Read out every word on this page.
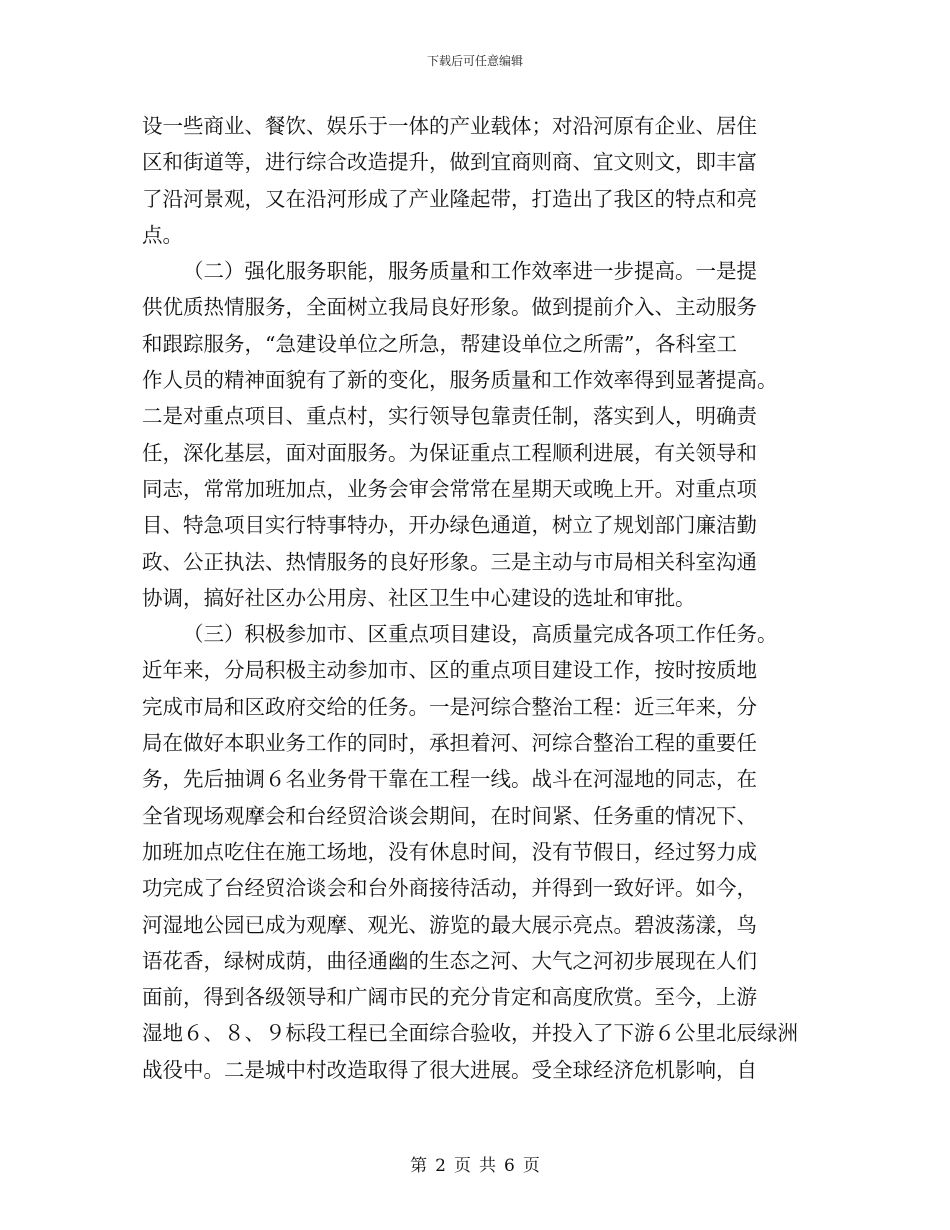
下载后可任意编辑
设一些商业、餐饮、娱乐于一体的产业载体；对沿河原有企业、居住
区和街道等，进行综合改造提升，做到宜商则商、宜文则文，即丰富
了沿河景观，又在沿河形成了产业隆起带，打造出了我区的特点和亮
点。
（二）强化服务职能，服务质量和工作效率进一步提高。一是提
供优质热情服务，全面树立我局良好形象。做到提前介入、主动服务
和跟踪服务，“急建设单位之所急，帮建设单位之所需”，各科室工
作人员的精神面貌有了新的变化，服务质量和工作效率得到显著提高。
二是对重点项目、重点村，实行领导包靠责任制，落实到人，明确责
任，深化基层，面对面服务。为保证重点工程顺利进展，有关领导和
同志，常常加班加点，业务会审会常常在星期天或晚上开。对重点项
目、特急项目实行特事特办，开办绿色通道，树立了规划部门廉洁勤
政、公正执法、热情服务的良好形象。三是主动与市局相关科室沟通
协调，搞好社区办公用房、社区卫生中心建设的选址和审批。
（三）积极参加市、区重点项目建设，高质量完成各项工作任务。
近年来，分局积极主动参加市、区的重点项目建设工作，按时按质地
完成市局和区政府交给的任务。一是河综合整治工程：近三年来，分
局在做好本职业务工作的同时，承担着河、河综合整治工程的重要任
务，先后抽调６名业务骨干靠在工程一线。战斗在河湿地的同志，在
全省现场观摩会和台经贸洽谈会期间，在时间紧、任务重的情况下、
加班加点吃住在施工场地，没有休息时间，没有节假日，经过努力成
功完成了台经贸洽谈会和台外商接待活动，并得到一致好评。如今，
河湿地公园已成为观摩、观光、游览的最大展示亮点。碧波荡漾，鸟
语花香，绿树成荫，曲径通幽的生态之河、大气之河初步展现在人们
面前，得到各级领导和广阔市民的充分肯定和高度欣赏。至今，上游
湿地６、８、９标段工程已全面综合验收，并投入了下游６公里北辰绿洲
战役中。二是城中村改造取得了很大进展。受全球经济危机影响，自
第 2 页 共 6 页
